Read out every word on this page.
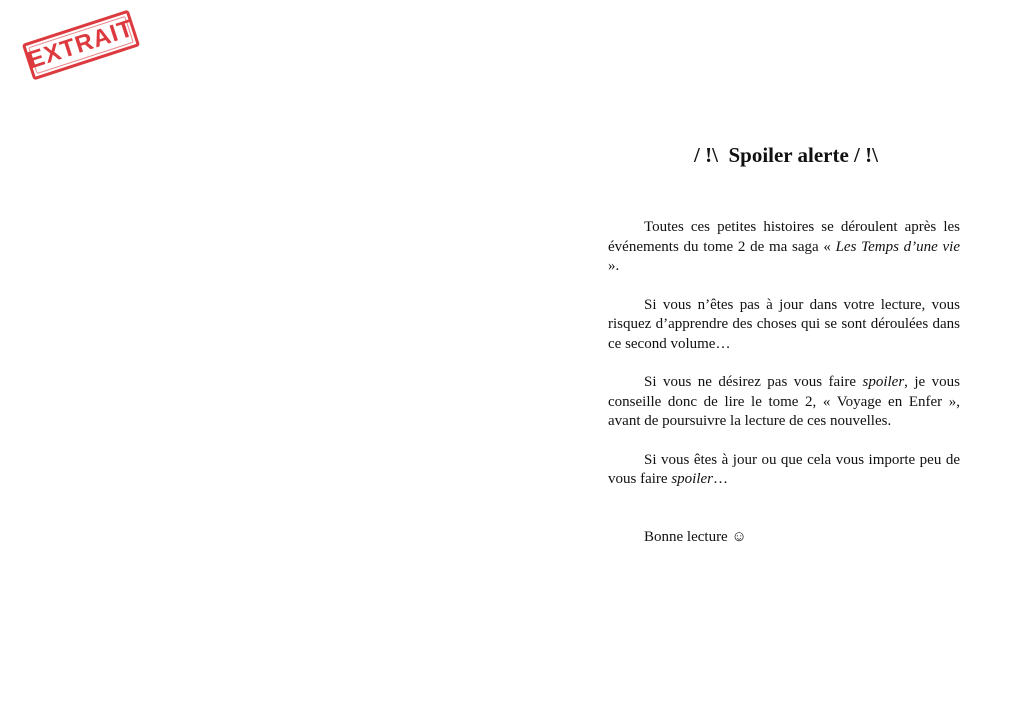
EXTRAIT
/ !\  Spoiler alerte / !\

Toutes ces petites histoires se déroulent après les événements du tome 2 de ma saga « Les Temps d’une vie ».

Si vous n’êtes pas à jour dans votre lecture, vous risquez d’apprendre des choses qui se sont déroulées dans ce second volume…

Si vous ne désirez pas vous faire spoiler, je vous conseille donc de lire le tome 2, « Voyage en Enfer », avant de poursuivre la lecture de ces nouvelles.

Si vous êtes à jour ou que cela vous importe peu de vous faire spoiler…

Bonne lecture ☺
